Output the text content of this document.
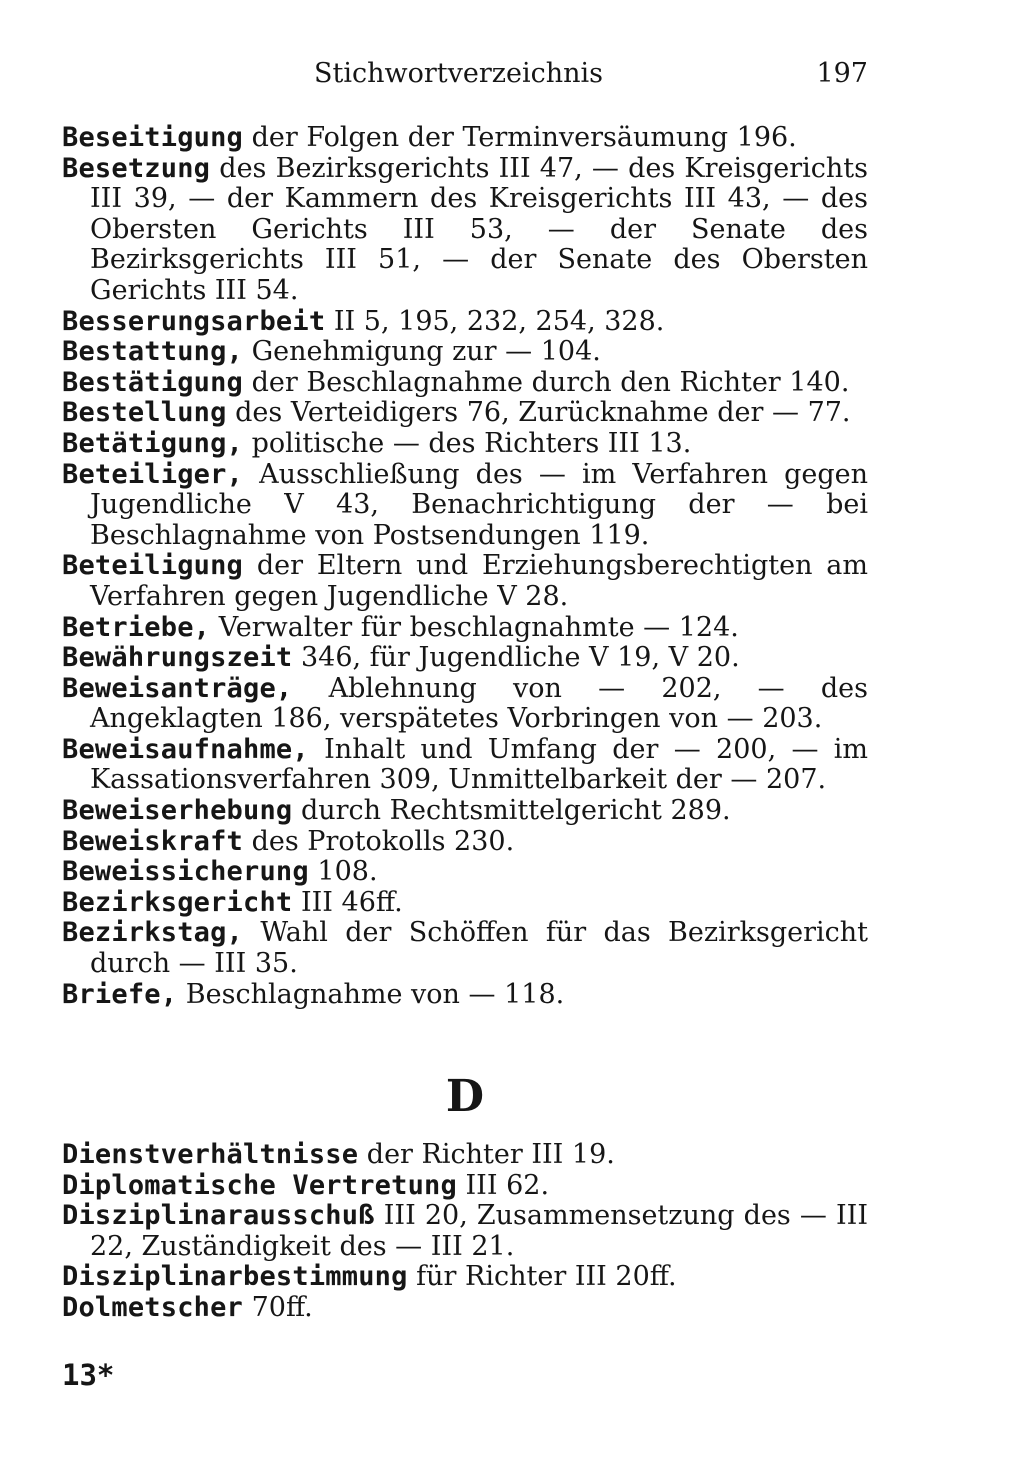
Stichwortverzeichnis	197

Beseitigung der Folgen der Terminversäumung 196.

Besetzung des Bezirksgerichts III 47, — des Kreisgerichts III 39, — der Kammern des Kreisgerichts III 43, — des Obersten Gerichts III 53, — der Senate des Bezirksgerichts III 51, — der Senate des Obersten Gerichts III 54.

Besserungsarbeit II 5, 195, 232, 254, 328.

Bestattung, Genehmigung zur — 104.

Bestätigung der Beschlagnahme durch den Richter 140.

Bestellung des Verteidigers 76, Zurücknahme der — 77.

Betätigung, politische — des Richters III 13.

Beteiliger, Ausschließung des — im Verfahren gegen Jugendliche V 43, Benachrichtigung der — bei Beschlagnahme von Postsendungen 119.

Beteiligung der Eltern und Erziehungsberechtigten am Verfahren gegen Jugendliche V 28.

Betriebe, Verwalter für beschlagnahmte — 124.

Bewährungszeit 346, für Jugendliche V 19, V 20.

Beweisanträge, Ablehnung von — 202, — des Angeklagten 186, verspätetes Vorbringen von — 203.

Beweisaufnahme, Inhalt und Umfang der — 200, — im Kassationsverfahren 309, Unmittelbarkeit der — 207.

Beweiserhebung durch Rechtsmittelgericht 289.

Beweiskraft des Protokolls 230.

Beweissicherung 108.

Bezirksgericht III 46ff.

Bezirkstag, Wahl der Schöffen für das Bezirksgericht durch — III 35.

Briefe, Beschlagnahme von — 118.

D

Dienstverhältnisse der Richter III 19.

Diplomatische Vertretung III 62.

Disziplinarausschuß III 20, Zusammensetzung des — III 22, Zuständigkeit des — III 21.

Disziplinarbestimmung für Richter III 20ff.

Dolmetscher 70ff.

13*
